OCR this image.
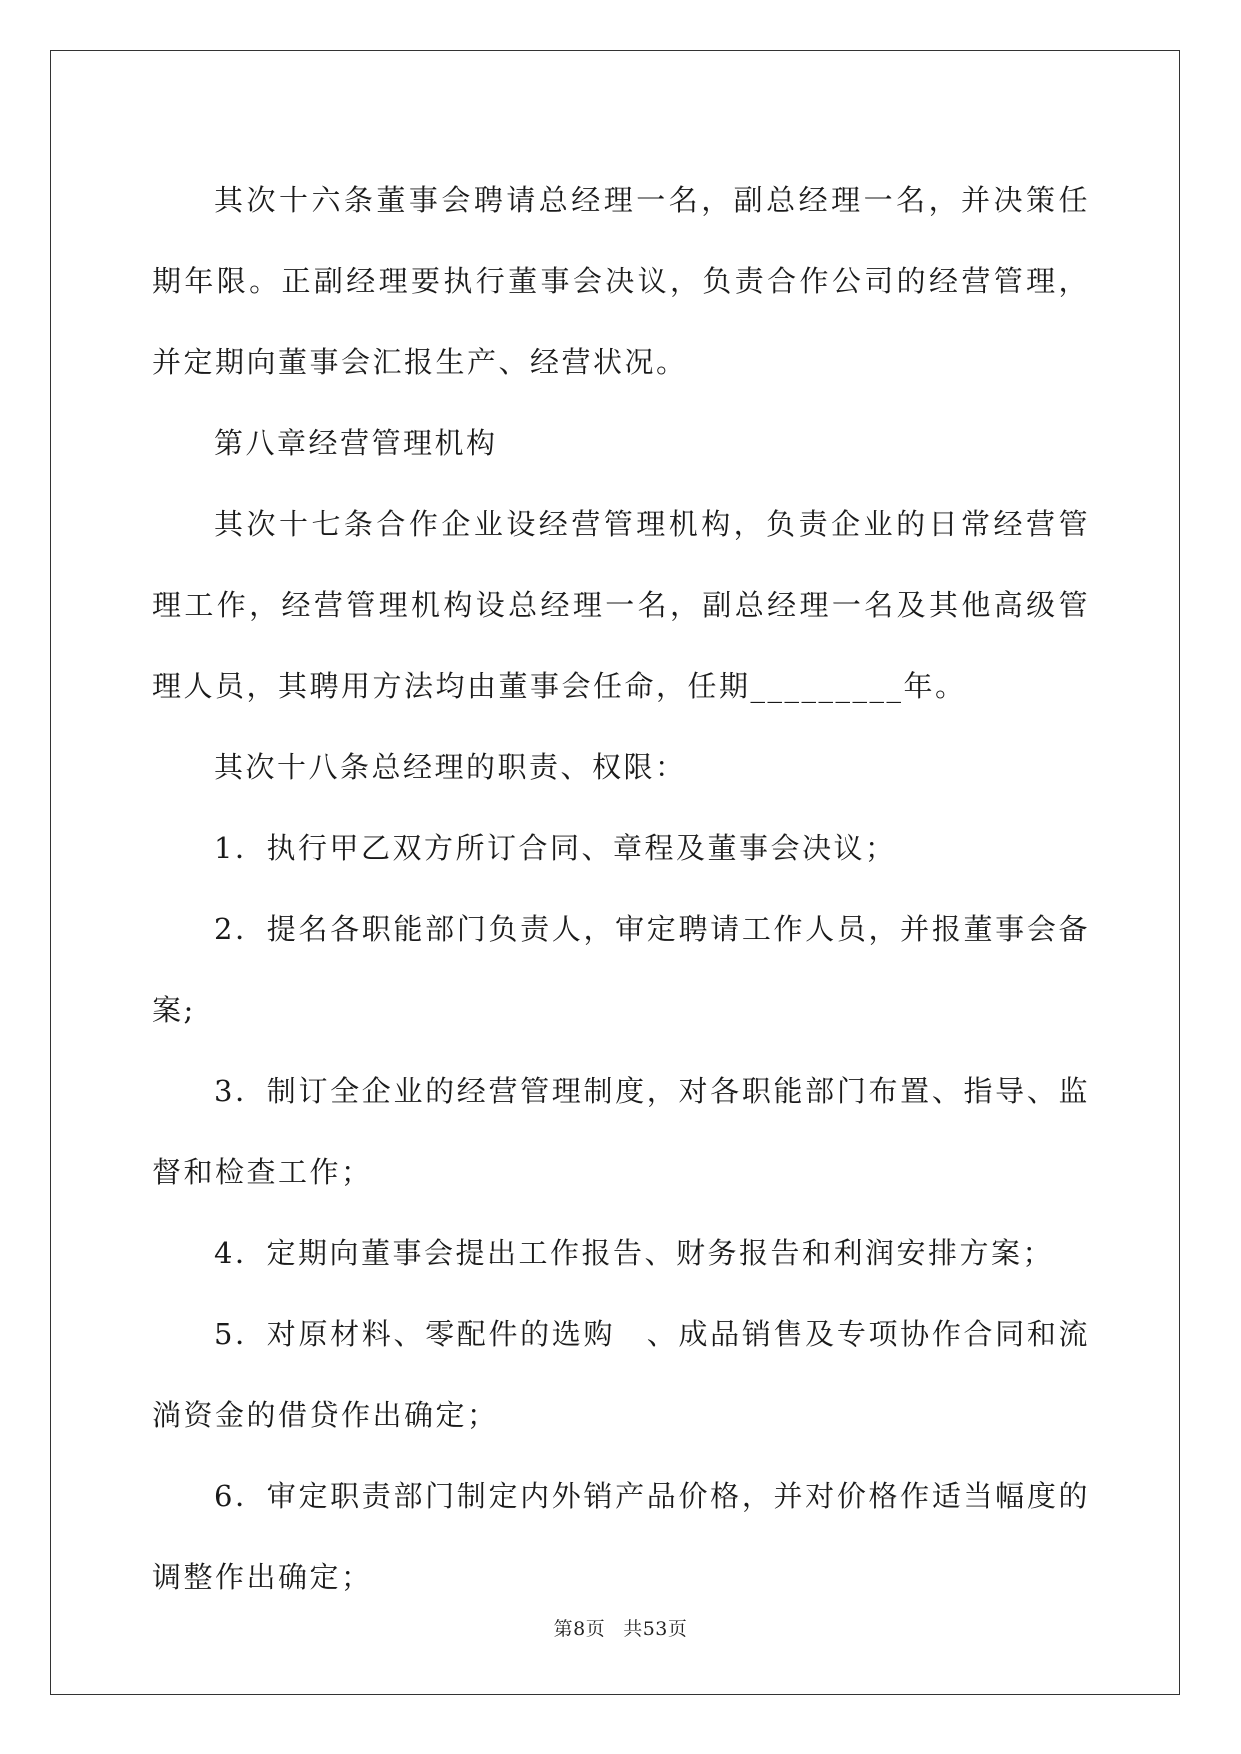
其次十六条董事会聘请总经理一名，副总经理一名，并决策任期年限。正副经理要执行董事会决议，负责合作公司的经营管理，并定期向董事会汇报生产、经营状况。

第八章经营管理机构

其次十七条合作企业设经营管理机构，负责企业的日常经营管理工作，经营管理机构设总经理一名，副总经理一名及其他高级管理人员，其聘用方法均由董事会任命，任期_________年。

其次十八条总经理的职责、权限：

1．执行甲乙双方所订合同、章程及董事会决议；

2．提名各职能部门负责人，审定聘请工作人员，并报董事会备案;

3．制订全企业的经营管理制度，对各职能部门布置、指导、监督和检查工作；

4．定期向董事会提出工作报告、财务报告和利润安排方案；

5．对原材料、零配件的选购　、成品销售及专项协作合同和流淌资金的借贷作出确定；

6．审定职责部门制定内外销产品价格，并对价格作适当幅度的调整作出确定；

第8页 共53页
